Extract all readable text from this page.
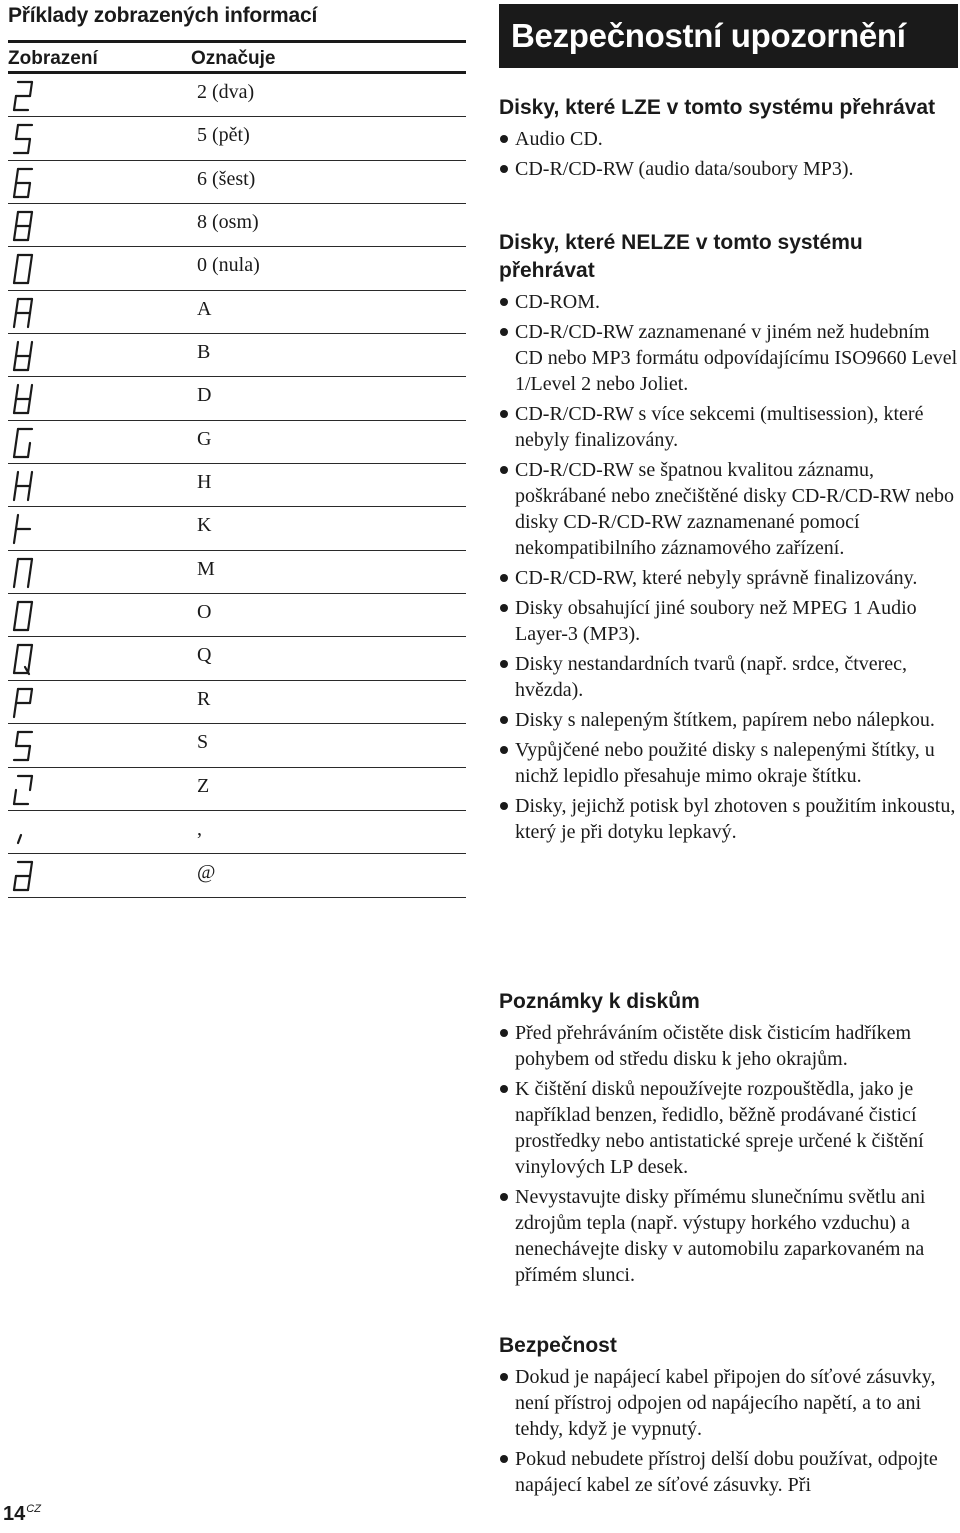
Příklady zobrazených informací
Zobrazení	Označuje
2 (dva)
5 (pět)
6 (šest)
8 (osm)
0 (nula)
A
B
D
G
H
K
M
O
Q
R
S
Z
,
@
Bezpečnostní upozornění
Disky, které LZE v tomto systému přehrávat
Audio CD.
CD-R/CD-RW (audio data/soubory MP3).
Disky, které NELZE v tomto systému přehrávat
CD-ROM.
CD-R/CD-RW zaznamenané v jiném než hudebním CD nebo MP3 formátu odpovídajícímu ISO9660 Level 1/Level 2 nebo Joliet.
CD-R/CD-RW s více sekcemi (multisession), které nebyly finalizovány.
CD-R/CD-RW se špatnou kvalitou záznamu, poškrábané nebo znečištěné disky CD-R/CD-RW nebo disky CD-R/CD-RW zaznamenané pomocí nekompatibilního záznamového zařízení.
CD-R/CD-RW, které nebyly správně finalizovány.
Disky obsahující jiné soubory než MPEG 1 Audio Layer-3 (MP3).
Disky nestandardních tvarů (např. srdce, čtverec, hvězda).
Disky s nalepeným štítkem, papírem nebo nálepkou.
Vypůjčené nebo použité disky s nalepenými štítky, u nichž lepidlo přesahuje mimo okraje štítku.
Disky, jejichž potisk byl zhotoven s použitím inkoustu, který je při dotyku lepkavý.
Poznámky k diskům
Před přehráváním očistěte disk čisticím hadříkem pohybem od středu disku k jeho okrajům.
K čištění disků nepoužívejte rozpouštědla, jako je například benzen, ředidlo, běžně prodávané čisticí prostředky nebo antistatické spreje určené k čištění vinylových LP desek.
Nevystavujte disky přímému slunečnímu světlu ani zdrojům tepla (např. výstupy horkého vzduchu) a nenechávejte disky v automobilu zaparkovaném na přímém slunci.
Bezpečnost
Dokud je napájecí kabel připojen do síťové zásuvky, není přístroj odpojen od napájecího napětí, a to ani tehdy, když je vypnutý.
Pokud nebudete přístroj delší dobu používat, odpojte napájecí kabel ze síťové zásuvky. Při
$14^{CZ}$
